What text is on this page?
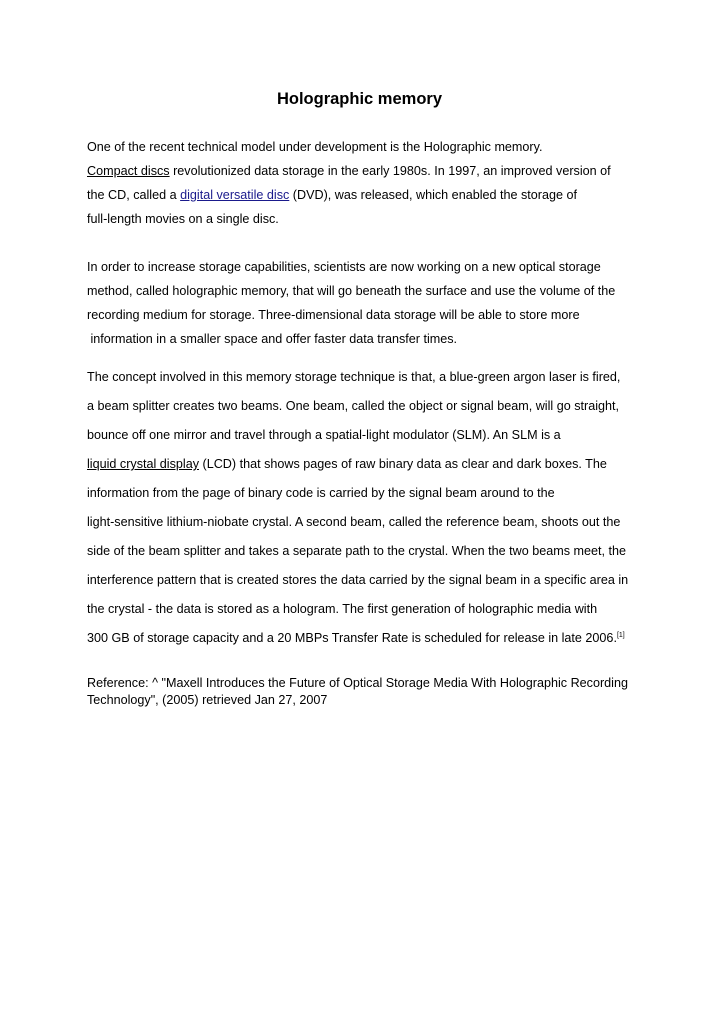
Holographic memory
One of the recent technical model under development is the Holographic memory.
Compact discs revolutionized data storage in the early 1980s. In 1997, an improved version of
the CD, called a digital versatile disc (DVD), was released, which enabled the storage of
full-length movies on a single disc.
In order to increase storage capabilities, scientists are now working on a new optical storage
method, called holographic memory, that will go beneath the surface and use the volume of the
recording medium for storage. Three-dimensional data storage will be able to store more
information in a smaller space and offer faster data transfer times.
The concept involved in this memory storage technique is that, a blue-green argon laser is fired,
a beam splitter creates two beams. One beam, called the object or signal beam, will go straight,
bounce off one mirror and travel through a spatial-light modulator (SLM). An SLM is a
liquid crystal display (LCD) that shows pages of raw binary data as clear and dark boxes. The
information from the page of binary code is carried by the signal beam around to the
light-sensitive lithium-niobate crystal. A second beam, called the reference beam, shoots out the
side of the beam splitter and takes a separate path to the crystal. When the two beams meet, the
interference pattern that is created stores the data carried by the signal beam in a specific area in
the crystal - the data is stored as a hologram. The first generation of holographic media with
300 GB of storage capacity and a 20 MBPs Transfer Rate is scheduled for release in late 2006.[1]
Reference: ^ "Maxell Introduces the Future of Optical Storage Media With Holographic Recording Technology", (2005) retrieved Jan 27, 2007
